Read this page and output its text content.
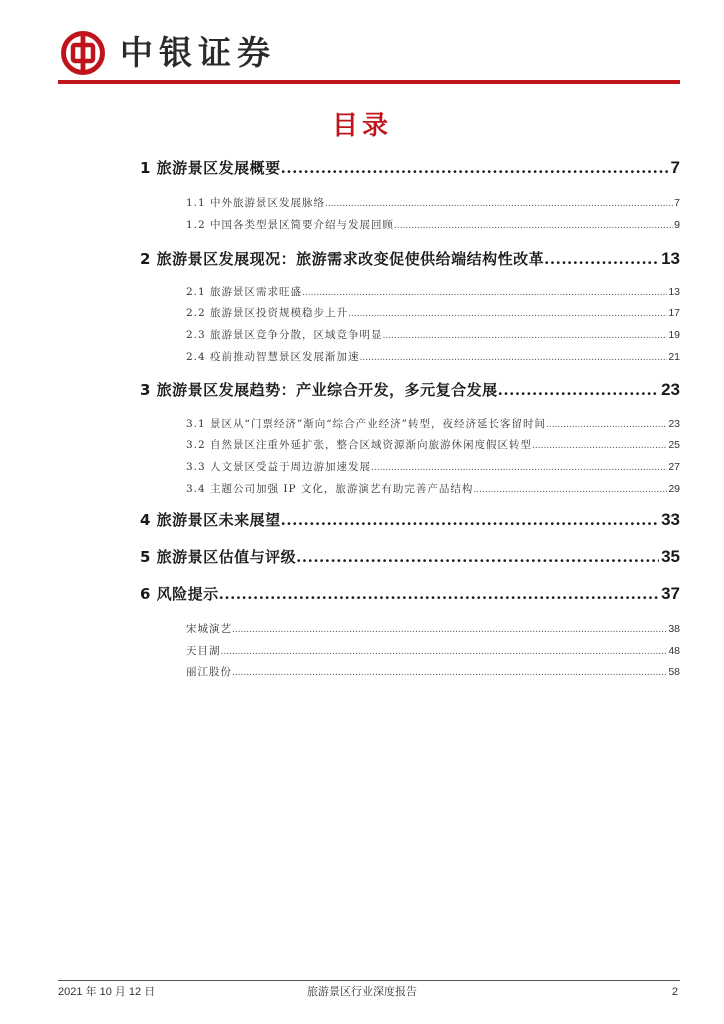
中银证券
目录
1 旅游景区发展概要 .....	7
1.1 中外旅游景区发展脉络 .....	7
1.2 中国各类型景区简要介绍与发展回顾 .....	9
2 旅游景区发展现况：旅游需求改变促使供给端结构性改革 .....	13
2.1 旅游景区需求旺盛 .....	13
2.2 旅游景区投资规模稳步上升 .....	17
2.3 旅游景区竞争分散，区域竞争明显 .....	19
2.4 疫前推动智慧景区发展渐加速 .....	21
3 旅游景区发展趋势：产业综合开发，多元复合发展 .....	23
3.1 景区从“门票经济”渐向“综合产业经济”转型，夜经济延长客留时间 .....	23
3.2 自然景区注重外延扩张，整合区域资源渐向旅游休闲度假区转型 .....	25
3.3 人文景区受益于周边游加速发展 .....	27
3.4 主题公司加强 IP 文化，旅游演艺有助完善产品结构 .....	29
4 旅游景区未来展望 .....	33
5 旅游景区估值与评级 .....	35
6 风险提示 .....	37
宋城演艺 .....	38
天目湖 .....	48
丽江股份 .....	58
2021 年 10 月 12 日	旅游景区行业深度报告	2
